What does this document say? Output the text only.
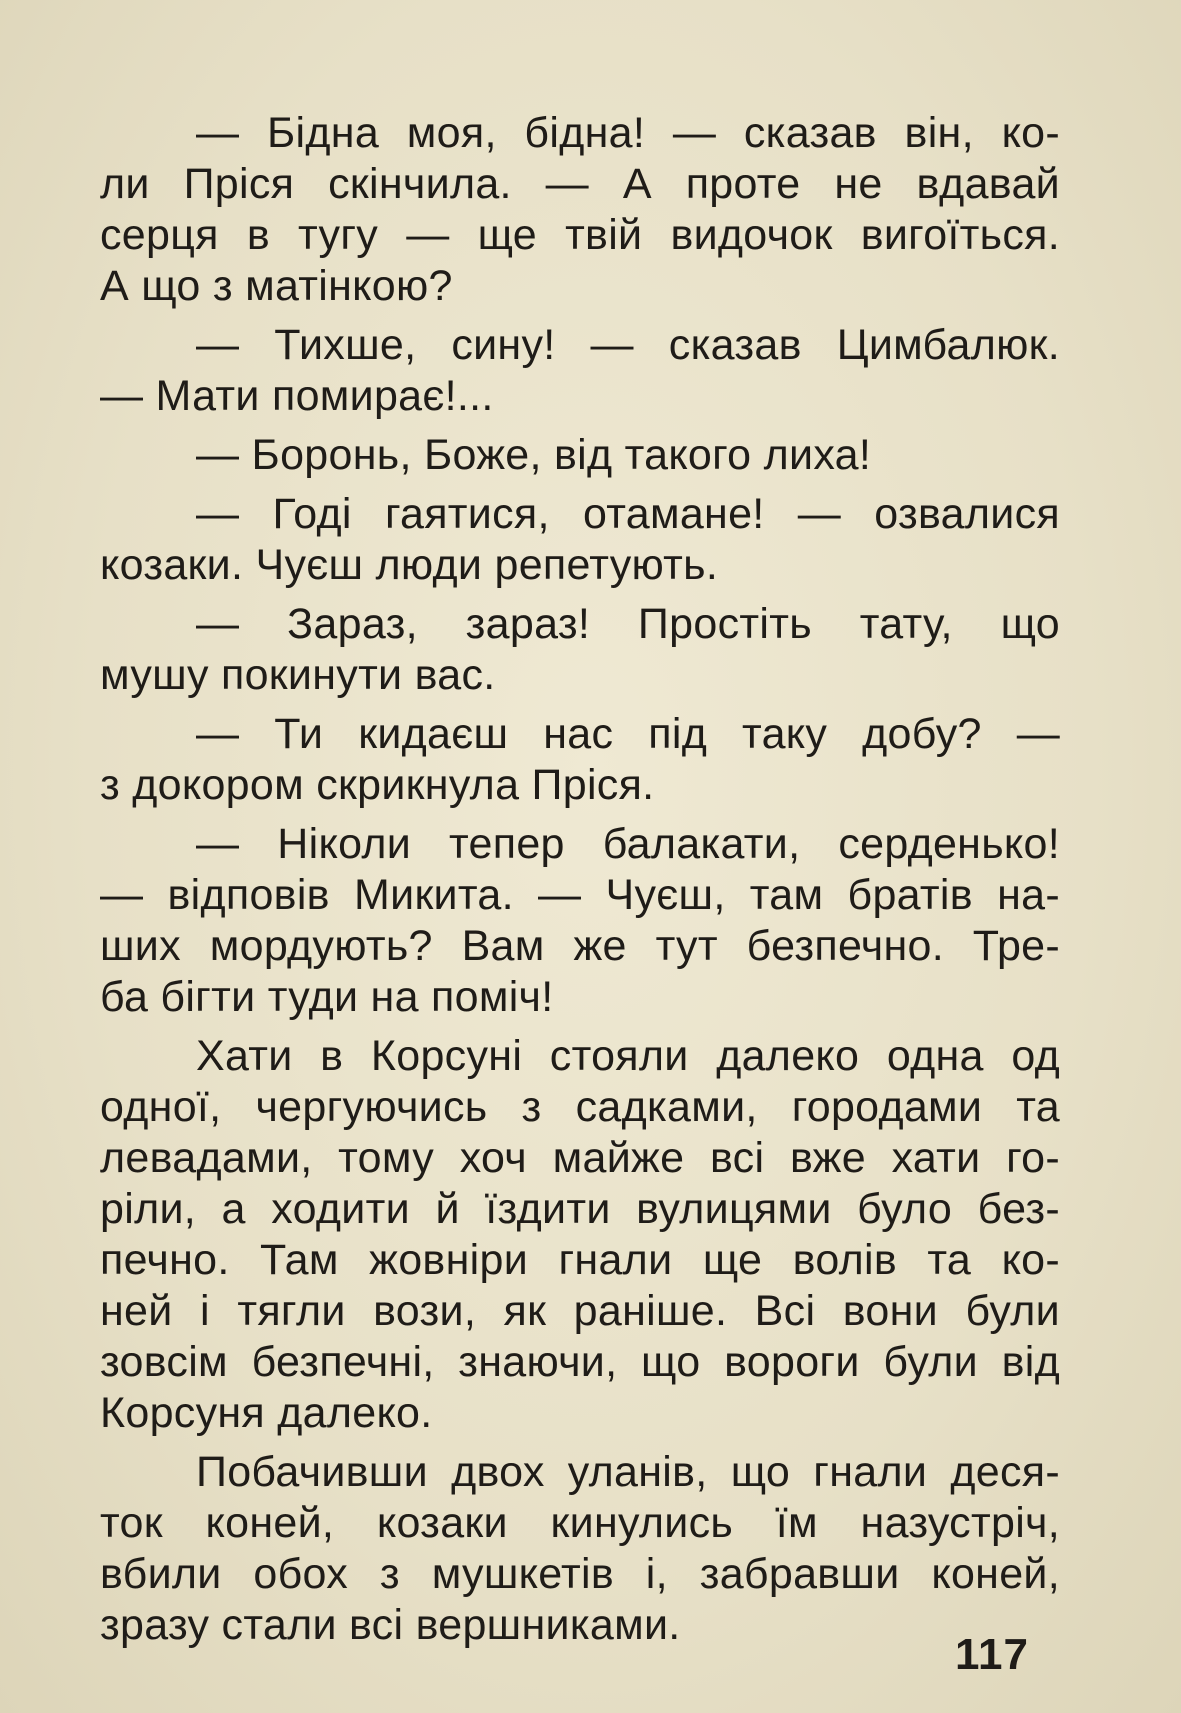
— Бідна моя, бідна! — сказав він, ко-
ли Пріся скінчила. — А проте не вдавай
серця в тугу — ще твій видочок вигоїться.
А що з матінкою?
— Тихше, сину! — сказав Цимбалюк.
— Мати помирає!...
— Боронь, Боже, від такого лиха!
— Годі гаятися, отамане! — озвалися
козаки. Чуєш люди репетують.
— Зараз, зараз! Простіть тату, що
мушу покинути вас.
— Ти кидаєш нас під таку добу? —
з докором скрикнула Пріся.
— Ніколи тепер балакати, серденько!
— відповів Микита. — Чуєш, там братів на-
ших мордують? Вам же тут безпечно. Тре-
ба бігти туди на поміч!
Хати в Корсуні стояли далеко одна од
одної, чергуючись з садками, городами та
левадами, тому хоч майже всі вже хати го-
ріли, а ходити й їздити вулицями було без-
печно. Там жовніри гнали ще волів та ко-
ней і тягли вози, як раніше. Всі вони були
зовсім безпечні, знаючи, що вороги були від
Корсуня далеко.
Побачивши двох уланів, що гнали деся-
ток коней, козаки кинулись їм назустріч,
вбили обох з мушкетів і, забравши коней,
зразу стали всі вершниками.
117
